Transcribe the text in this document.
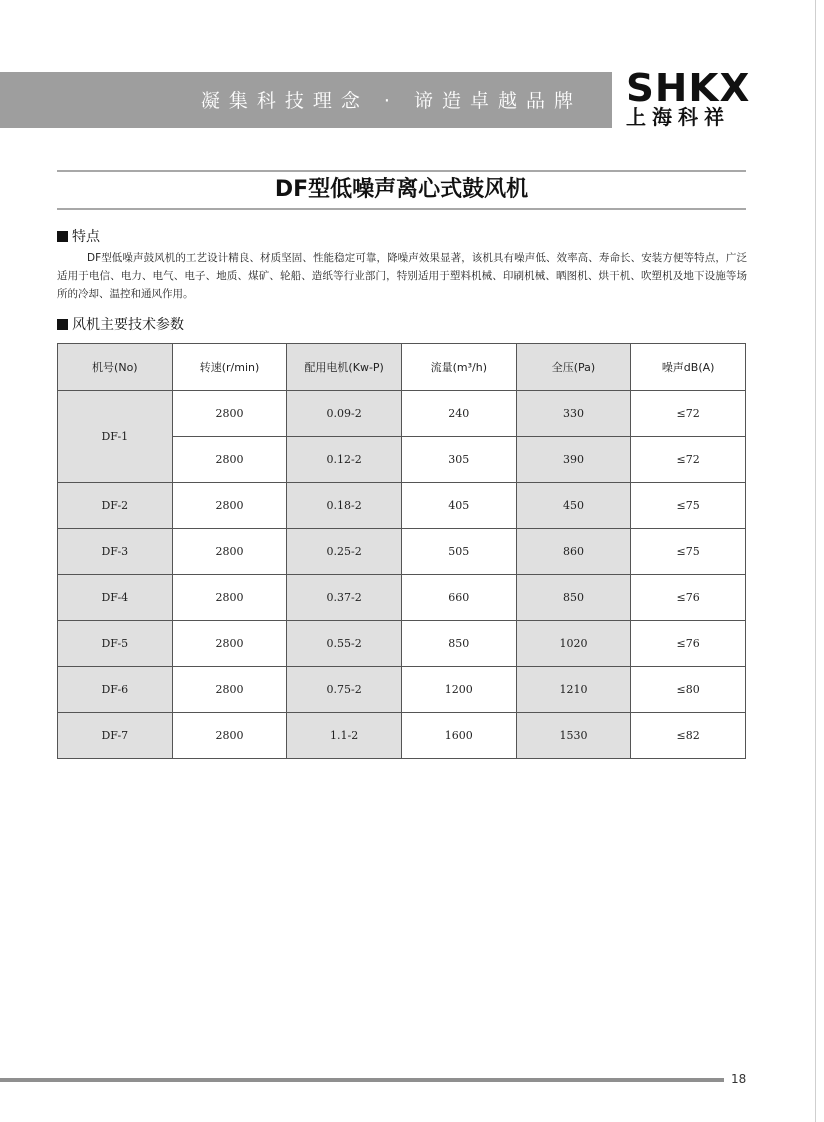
凝集科技理念 · 谛造卓越品牌 SHKX
上海科祥
DF型低噪声离心式鼓风机
特点
DF型低噪声鼓风机的工艺设计精良、材质坚固、性能稳定可靠，降噪声效果显著，该机具有噪声低、效率高、寿命长、安装方便等特点，广泛适用于电信、电力、电气、电子、地质、煤矿、轮船、造纸等行业部门，特别适用于塑料机械、印刷机械、晒图机、烘干机、吹塑机及地下设施等场所的冷却、温控和通风作用。
风机主要技术参数
机号(No)	转速(r/min)	配用电机(Kw-P)	流量(m³/h)	全压(Pa)	噪声dB(A)
DF-1	2800	0.09-2	240	330	≤72
	2800	0.12-2	305	390	≤72
DF-2	2800	0.18-2	405	450	≤75
DF-3	2800	0.25-2	505	860	≤75
DF-4	2800	0.37-2	660	850	≤76
DF-5	2800	0.55-2	850	1020	≤76
DF-6	2800	0.75-2	1200	1210	≤80
DF-7	2800	1.1-2	1600	1530	≤82
18
